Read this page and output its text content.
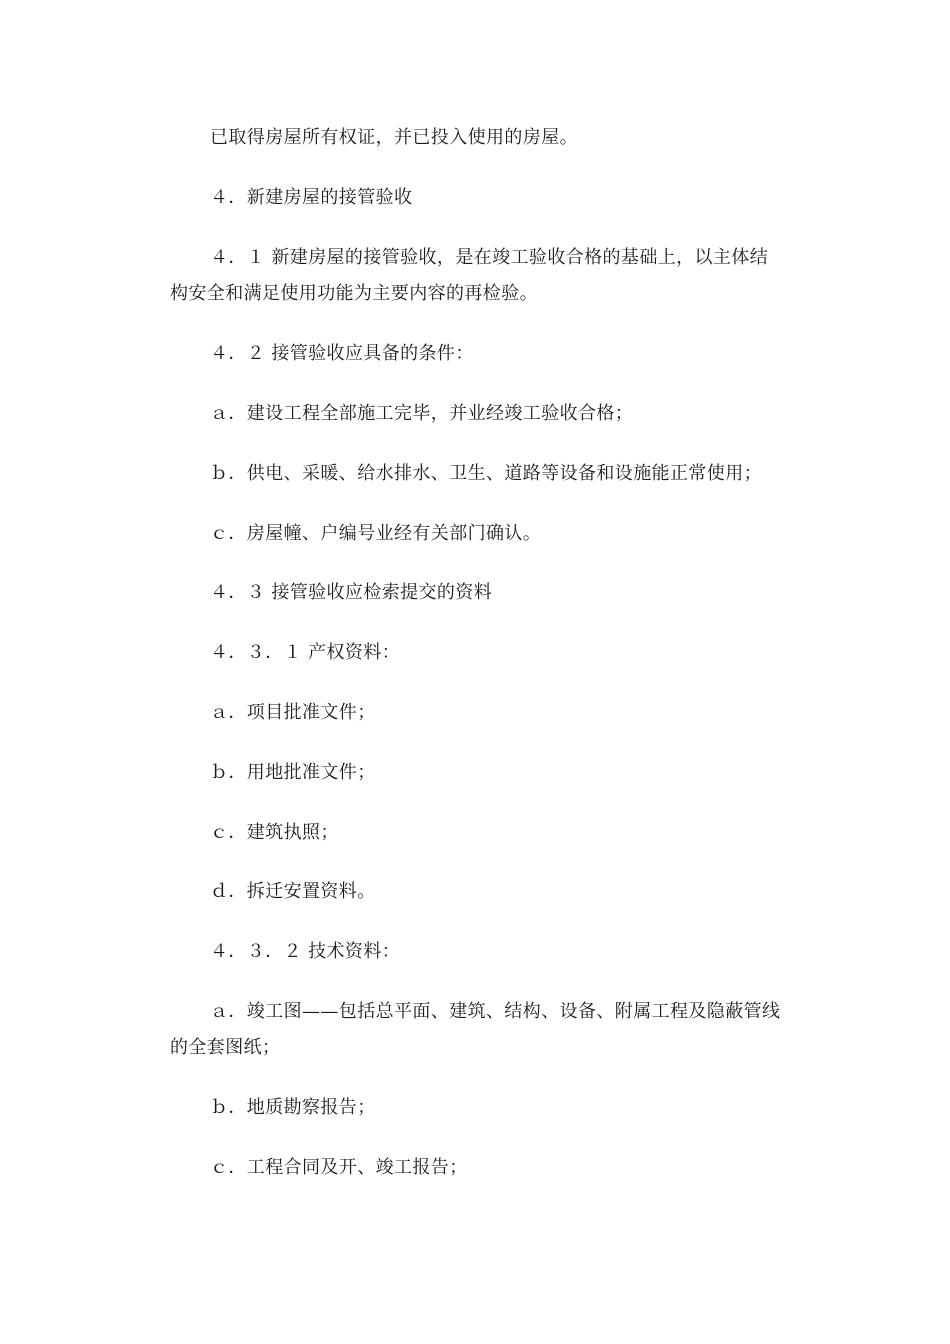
已取得房屋所有权证，并已投入使用的房屋。

４．新建房屋的接管验收

４．１ 新建房屋的接管验收，是在竣工验收合格的基础上，以主体结构安全和满足使用功能为主要内容的再检验。

４．２ 接管验收应具备的条件：

ａ．建设工程全部施工完毕，并业经竣工验收合格；

ｂ．供电、采暖、给水排水、卫生、道路等设备和设施能正常使用；

ｃ．房屋幢、户编号业经有关部门确认。

４．３ 接管验收应检索提交的资料

４．３．１ 产权资料：

ａ．项目批准文件；

ｂ．用地批准文件；

ｃ．建筑执照；

ｄ．拆迁安置资料。

４．３．２ 技术资料：

ａ．竣工图——包括总平面、建筑、结构、设备、附属工程及隐蔽管线的全套图纸；

ｂ．地质勘察报告；

ｃ．工程合同及开、竣工报告；
